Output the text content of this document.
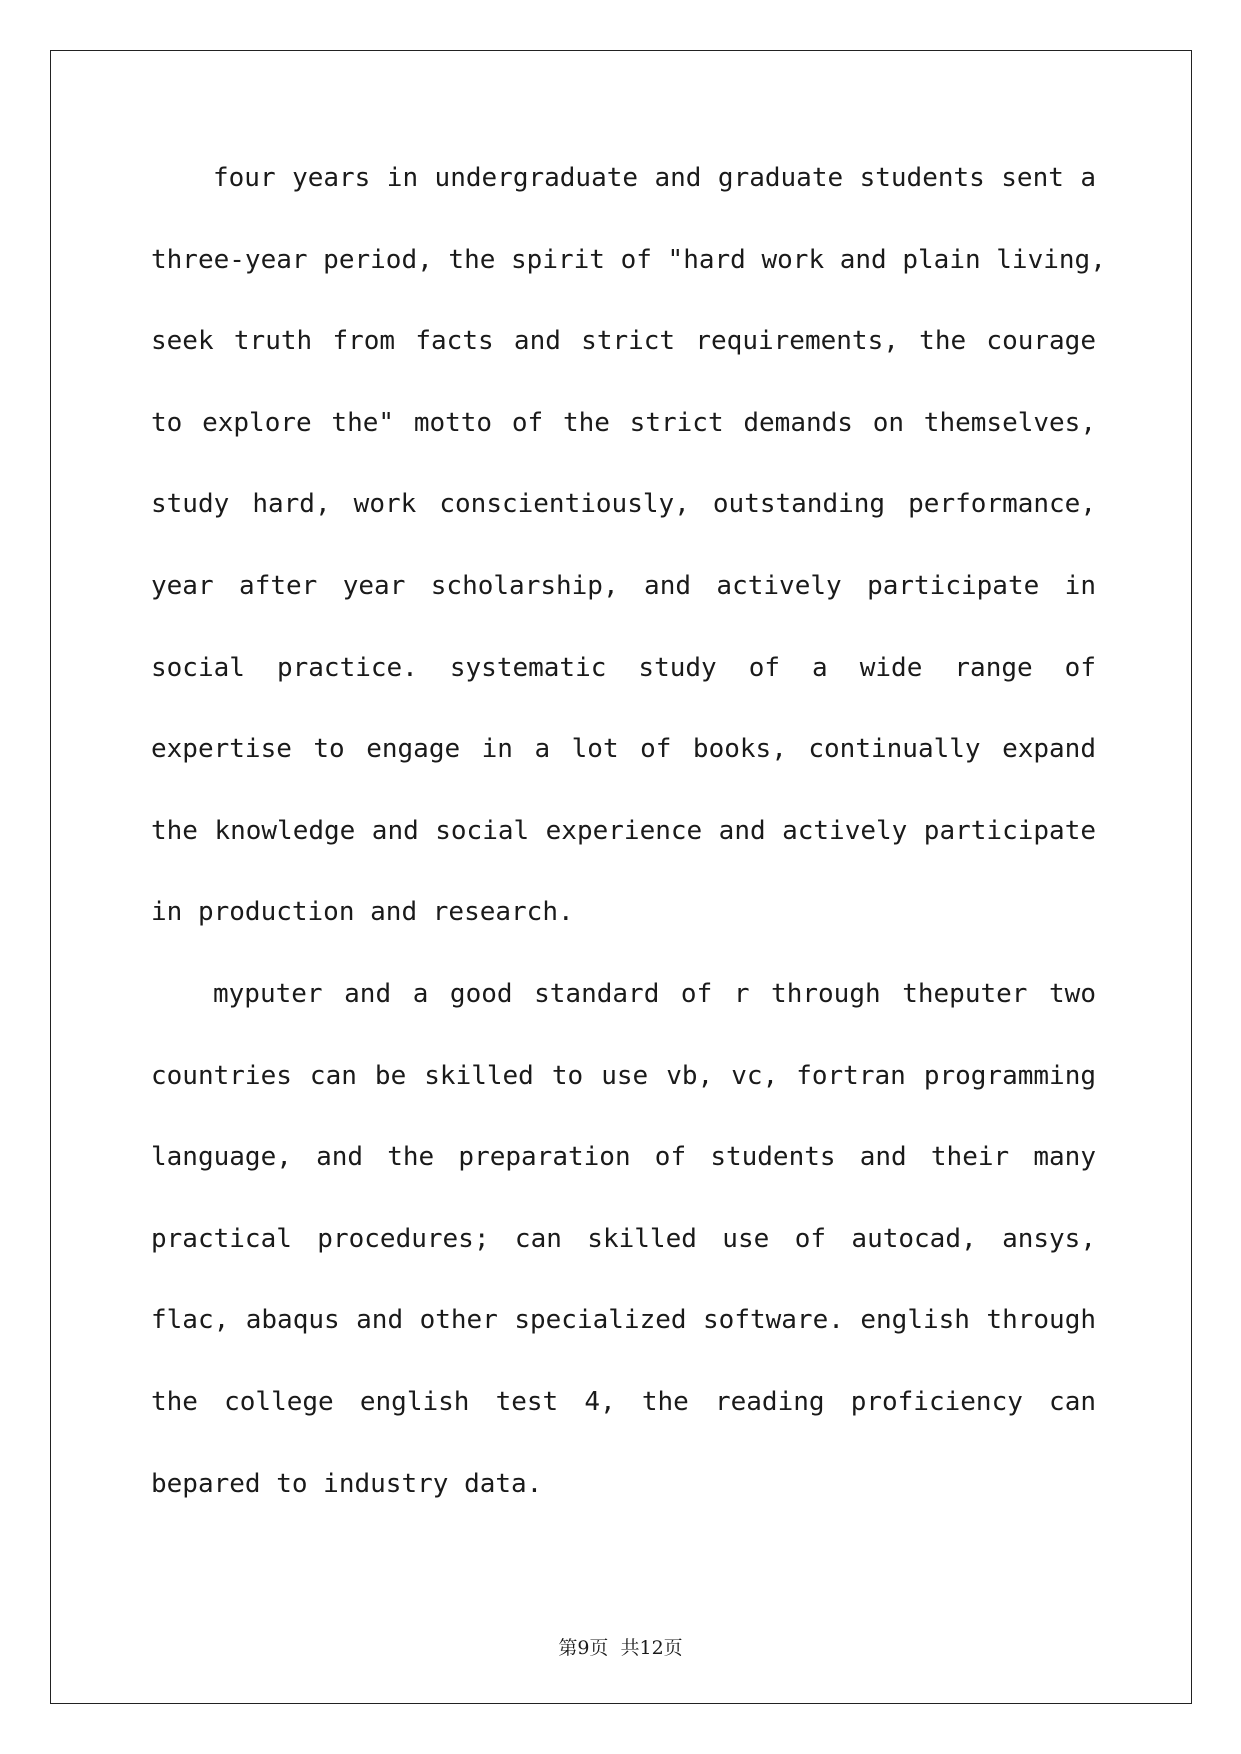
four years in undergraduate and graduate students sent a
three-year period, the spirit of "hard work and plain living,
seek truth from facts and strict requirements, the courage
to explore the" motto of the strict demands on themselves,
study hard, work conscientiously, outstanding performance,
year after year scholarship, and actively participate in
social practice. systematic study of a wide range of
expertise to engage in a lot of books, continually expand
the knowledge and social experience and actively participate
in production and research.
myputer and a good standard of r through theputer two
countries can be skilled to use vb, vc, fortran programming
language, and the preparation of students and their many
practical procedures; can skilled use of autocad, ansys,
flac, abaqus and other specialized software. english through
the college english test 4, the reading proficiency can
bepared to industry data.
第9页  共12页
